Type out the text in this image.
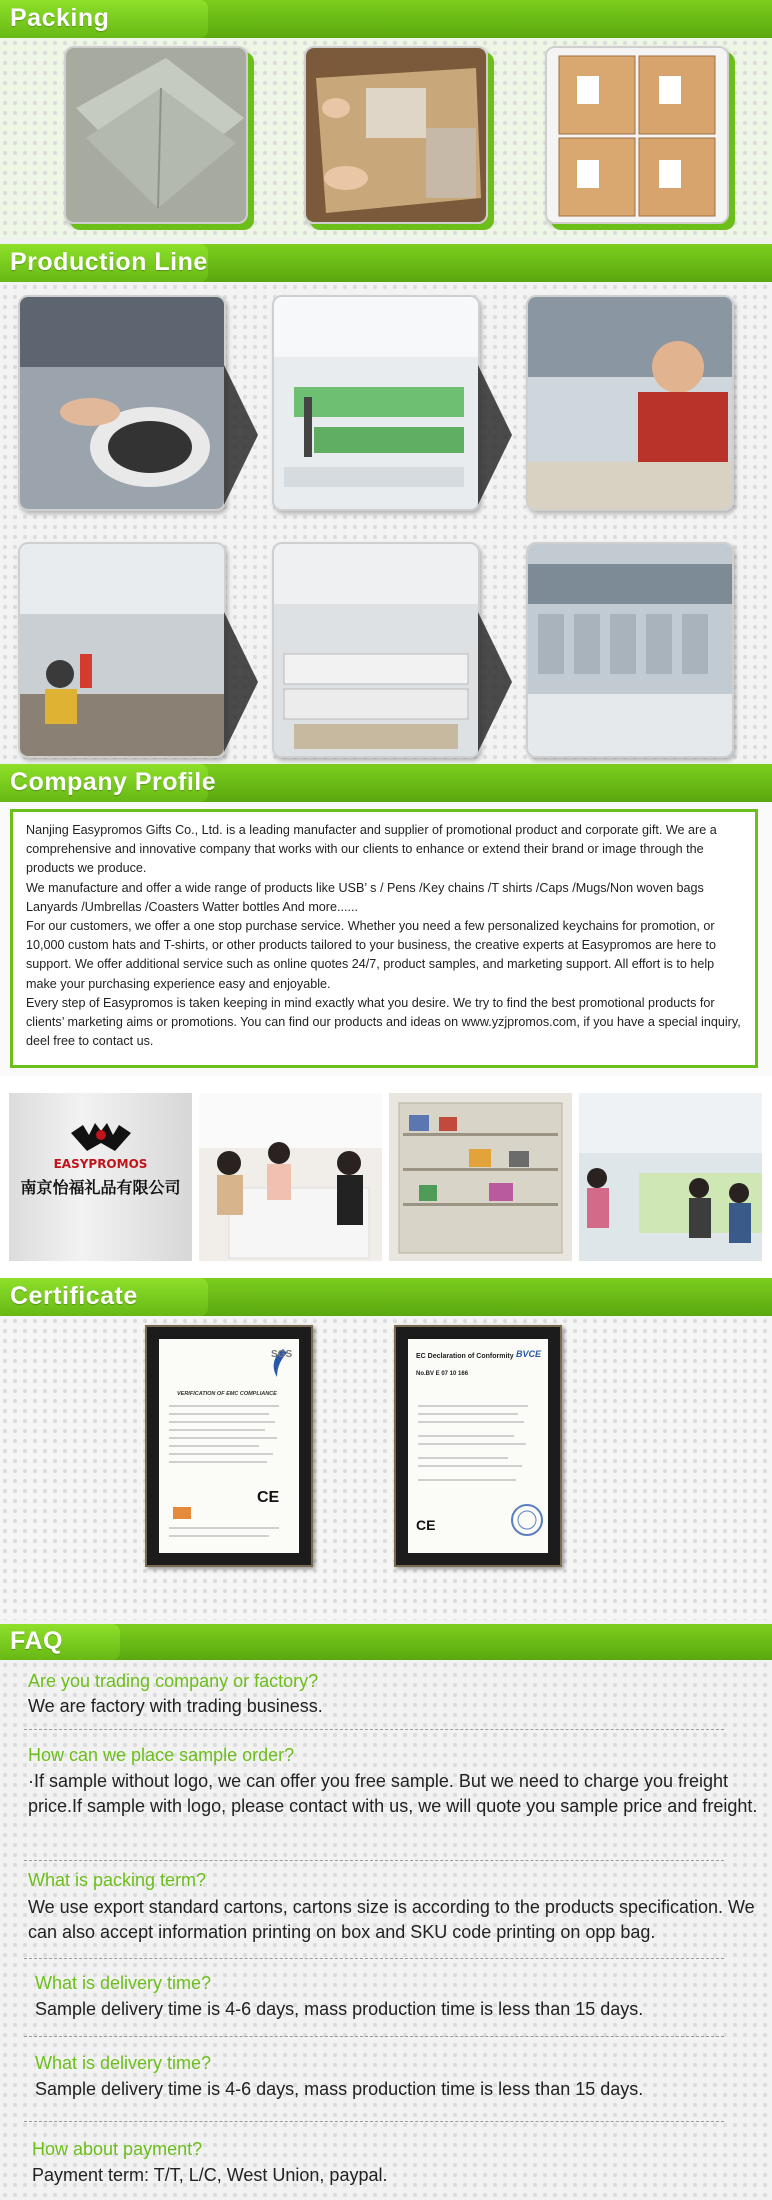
Packing
Production Line
Company Profile

Nanjing Easypromos Gifts Co., Ltd. is a leading manufacter and supplier of promotional product and corporate gift. We are a comprehensive and innovative company that works with our clients to enhance or extend their brand or image through the products we produce.

We manufacture and offer a wide range of products like USB’ s / Pens /Key chains /T shirts /Caps /Mugs/Non woven bags Lanyards /Umbrellas /Coasters Watter bottles And more......

For our customers, we offer a one stop purchase service. Whether you need a few personalized keychains for promotion, or 10,000 custom hats and T-shirts, or other products tailored to your business, the creative experts at Easypromos are here to support. We offer additional service such as online quotes 24/7, product samples, and marketing support. All effort is to help make your purchasing experience easy and enjoyable.

Every step of Easypromos is taken keeping in mind exactly what you desire. We try to find the best promotional products for clients’ marketing aims or promotions. You can find our products and ideas on www.yzjpromos.com, if you have a special inquiry, deel free to contact us.

EASYPROMOS
南京怡福礼品有限公司
Certificate
SGS
VERIFICATION OF EMC COMPLIANCE
CE
EC Declaration of Conformity BVCE
No.BV E 07 10 166
CE
FAQ
Are you trading company or factory?
We are factory with trading business.
How can we place sample order?
·If sample without logo, we can offer you free sample. But we need to charge you freight price.If sample with logo, please contact with us, we will quote you sample price and freight.
What is packing term?
We use export standard cartons, cartons size is according to the products specification. We can also accept information printing on box and SKU code printing on opp bag.
What is delivery time?
Sample delivery time is 4-6 days, mass production time is less than 15 days.
What is delivery time?
Sample delivery time is 4-6 days, mass production time is less than 15 days.
How about payment?
Payment term: T/T, L/C, West Union, paypal.
